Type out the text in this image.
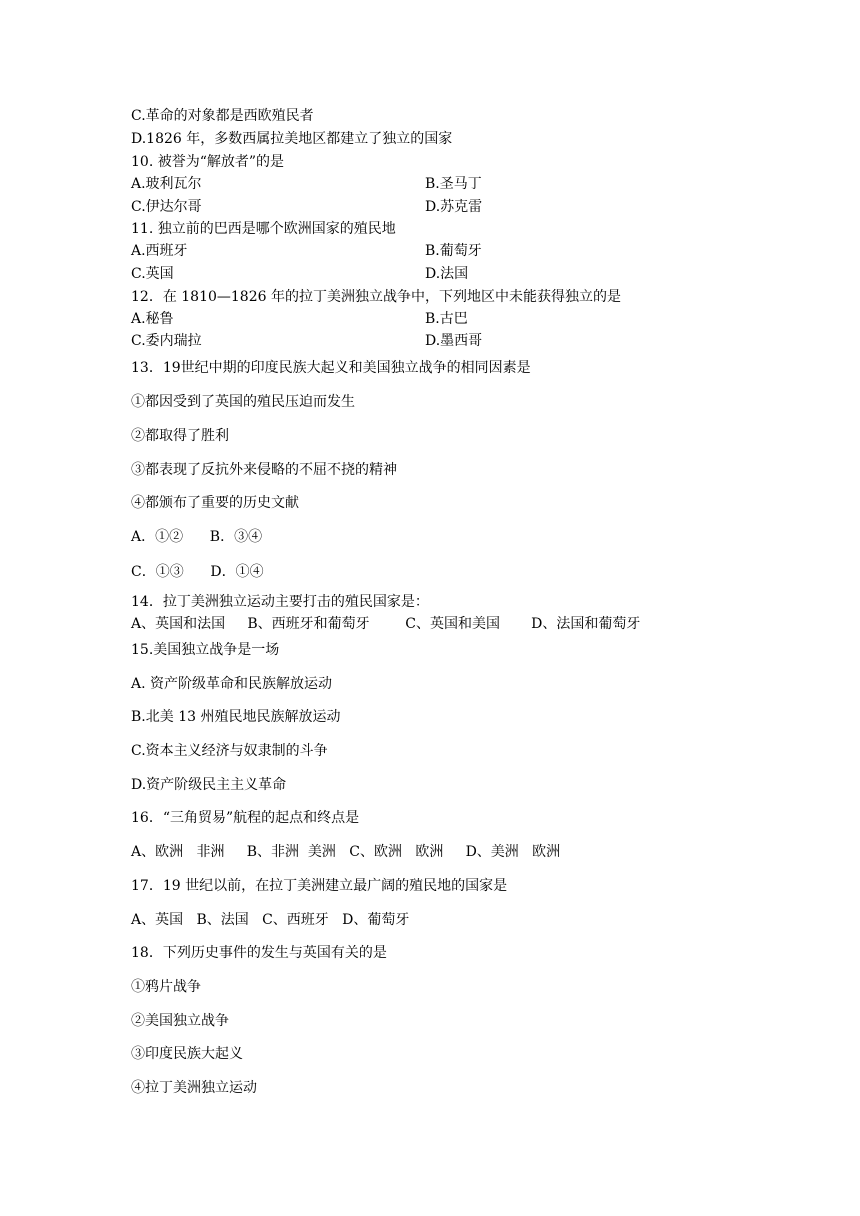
C.革命的对象都是西欧殖民者
D.1826 年，多数西属拉美地区都建立了独立的国家
10. 被誉为“解放者”的是
A.玻利瓦尔	B.圣马丁
C.伊达尔哥	D.苏克雷
11. 独立前的巴西是哪个欧洲国家的殖民地
A.西班牙	B.葡萄牙
C.英国	D.法国
12．在 1810—1826 年的拉丁美洲独立战争中，下列地区中未能获得独立的是
A.秘鲁	B.古巴
C.委内瑞拉	D.墨西哥
13．19世纪中期的印度民族大起义和美国独立战争的相同因素是
①都因受到了英国的殖民压迫而发生
②都取得了胜利
③都表现了反抗外来侵略的不屈不挠的精神
④都颁布了重要的历史文献
A．①②      B．③④
C．①③      D．①④
14．拉丁美洲独立运动主要打击的殖民国家是：
A、英国和法国     B、西班牙和葡萄牙        C、英国和美国       D、法国和葡萄牙
15.美国独立战争是一场
A. 资产阶级革命和民族解放运动
B.北美 13 州殖民地民族解放运动
C.资本主义经济与奴隶制的斗争
D.资产阶级民主主义革命
16．“三角贸易”航程的起点和终点是
A、欧洲   非洲     B、非洲  美洲   C、欧洲   欧洲     D、美洲   欧洲
17．19 世纪以前，在拉丁美洲建立最广阔的殖民地的国家是
A、英国   B、法国   C、西班牙   D、葡萄牙
18．下列历史事件的发生与英国有关的是
①鸦片战争
②美国独立战争
③印度民族大起义
④拉丁美洲独立运动
